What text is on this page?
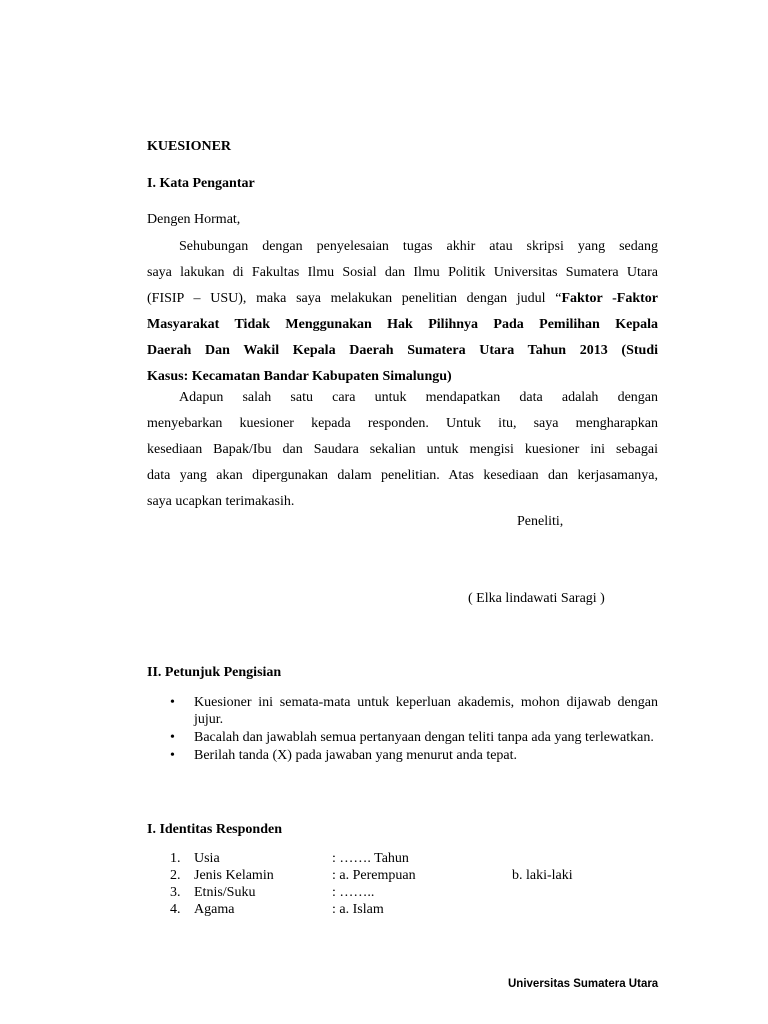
KUESIONER
I. Kata Pengantar
Dengen Hormat,
Sehubungan dengan penyelesaian tugas akhir atau skripsi yang sedang
saya lakukan di Fakultas Ilmu Sosial dan Ilmu Politik Universitas Sumatera Utara
(FISIP – USU), maka saya melakukan penelitian dengan judul “Faktor -Faktor
Masyarakat Tidak Menggunakan Hak Pilihnya Pada Pemilihan Kepala
Daerah Dan Wakil Kepala Daerah Sumatera Utara Tahun 2013 (Studi
Kasus: Kecamatan Bandar Kabupaten Simalungu)
Adapun salah satu cara untuk mendapatkan data adalah dengan
menyebarkan kuesioner kepada responden. Untuk itu, saya mengharapkan
kesediaan Bapak/Ibu dan Saudara sekalian untuk mengisi kuesioner ini sebagai
data yang akan dipergunakan dalam penelitian. Atas kesediaan dan kerjasamanya,
saya ucapkan terimakasih.
Peneliti,
( Elka lindawati Saragi )
II. Petunjuk Pengisian
• Kuesioner ini semata-mata untuk keperluan akademis, mohon dijawab dengan jujur.
• Bacalah dan jawablah semua pertanyaan dengan teliti tanpa ada yang terlewatkan.
• Berilah tanda (X) pada jawaban yang menurut anda tepat.
I. Identitas Responden
1. Usia	: ……. Tahun
2. Jenis Kelamin	: a. Perempuan	b. laki-laki
3. Etnis/Suku	: ……..
4. Agama	: a. Islam
Universitas Sumatera Utara
